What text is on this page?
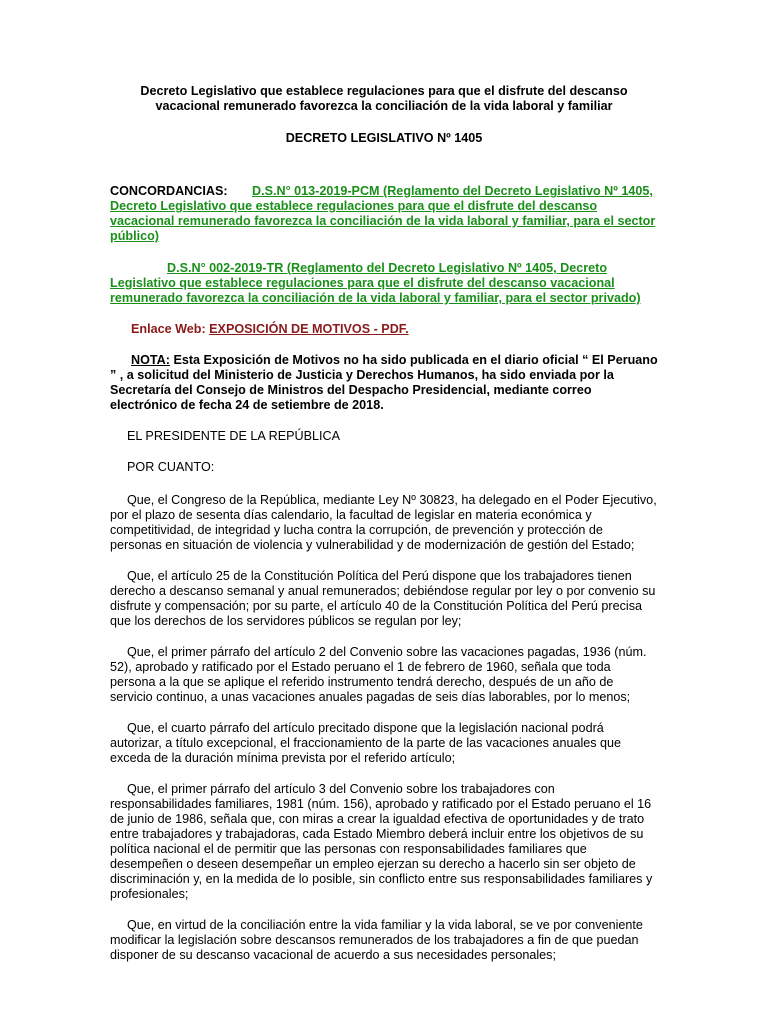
Decreto Legislativo que establece regulaciones para que el disfrute del descanso vacacional remunerado favorezca la conciliación de la vida laboral y familiar

DECRETO LEGISLATIVO Nº 1405

CONCORDANCIAS: D.S.N° 013-2019-PCM (Reglamento del Decreto Legislativo Nº 1405, Decreto Legislativo que establece regulaciones para que el disfrute del descanso vacacional remunerado favorezca la conciliación de la vida laboral y familiar, para el sector público)

D.S.N° 002-2019-TR (Reglamento del Decreto Legislativo Nº 1405, Decreto Legislativo que establece regulaciones para que el disfrute del descanso vacacional remunerado favorezca la conciliación de la vida laboral y familiar, para el sector privado)

Enlace Web: EXPOSICIÓN DE MOTIVOS - PDF.

NOTA: Esta Exposición de Motivos no ha sido publicada en el diario oficial “ El Peruano ” , a solicitud del Ministerio de Justicia y Derechos Humanos, ha sido enviada por la Secretaría del Consejo de Ministros del Despacho Presidencial, mediante correo electrónico de fecha 24 de setiembre de 2018.

EL PRESIDENTE DE LA REPÚBLICA

POR CUANTO:

Que, el Congreso de la República, mediante Ley Nº 30823, ha delegado en el Poder Ejecutivo, por el plazo de sesenta días calendario, la facultad de legislar en materia económica y competitividad, de integridad y lucha contra la corrupción, de prevención y protección de personas en situación de violencia y vulnerabilidad y de modernización de gestión del Estado;

Que, el artículo 25 de la Constitución Política del Perú dispone que los trabajadores tienen derecho a descanso semanal y anual remunerados; debiéndose regular por ley o por convenio su disfrute y compensación; por su parte, el artículo 40 de la Constitución Política del Perú precisa que los derechos de los servidores públicos se regulan por ley;

Que, el primer párrafo del artículo 2 del Convenio sobre las vacaciones pagadas, 1936 (núm. 52), aprobado y ratificado por el Estado peruano el 1 de febrero de 1960, señala que toda persona a la que se aplique el referido instrumento tendrá derecho, después de un año de servicio continuo, a unas vacaciones anuales pagadas de seis días laborables, por lo menos;

Que, el cuarto párrafo del artículo precitado dispone que la legislación nacional podrá autorizar, a título excepcional, el fraccionamiento de la parte de las vacaciones anuales que exceda de la duración mínima prevista por el referido artículo;

Que, el primer párrafo del artículo 3 del Convenio sobre los trabajadores con responsabilidades familiares, 1981 (núm. 156), aprobado y ratificado por el Estado peruano el 16 de junio de 1986, señala que, con miras a crear la igualdad efectiva de oportunidades y de trato entre trabajadores y trabajadoras, cada Estado Miembro deberá incluir entre los objetivos de su política nacional el de permitir que las personas con responsabilidades familiares que desempeñen o deseen desempeñar un empleo ejerzan su derecho a hacerlo sin ser objeto de discriminación y, en la medida de lo posible, sin conflicto entre sus responsabilidades familiares y profesionales;

Que, en virtud de la conciliación entre la vida familiar y la vida laboral, se ve por conveniente modificar la legislación sobre descansos remunerados de los trabajadores a fin de que puedan disponer de su descanso vacacional de acuerdo a sus necesidades personales;
